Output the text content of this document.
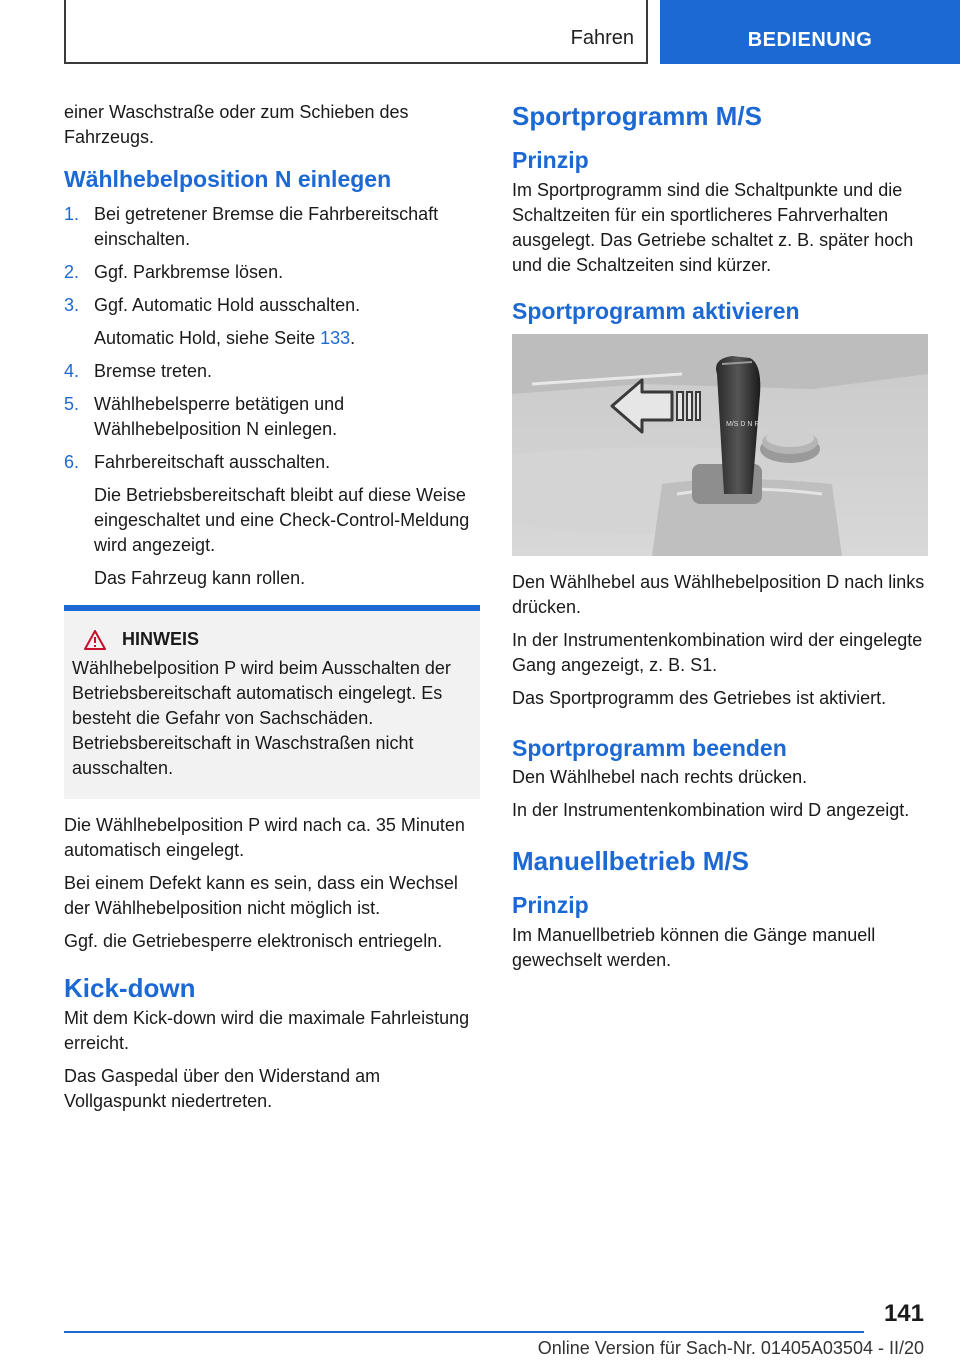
Fahren	BEDIENUNG

einer Waschstraße oder zum Schieben des Fahrzeugs.

Wählhebelposition N einlegen
1. Bei getretener Bremse die Fahrbereitschaft einschalten.
2. Ggf. Parkbremse lösen.
3. Ggf. Automatic Hold ausschalten.
Automatic Hold, siehe Seite 133.
4. Bremse treten.
5. Wählhebelsperre betätigen und Wählhebelposition N einlegen.
6. Fahrbereitschaft ausschalten.
Die Betriebsbereitschaft bleibt auf diese Weise eingeschaltet und eine Check-Control-Meldung wird angezeigt.
Das Fahrzeug kann rollen.
HINWEIS

Wählhebelposition P wird beim Ausschalten der Betriebsbereitschaft automatisch eingelegt. Es besteht die Gefahr von Sachschäden. Betriebsbereitschaft in Waschstraßen nicht ausschalten.

Die Wählhebelposition P wird nach ca. 35 Minuten automatisch eingelegt.

Bei einem Defekt kann es sein, dass ein Wechsel der Wählhebelposition nicht möglich ist.

Ggf. die Getriebesperre elektronisch entriegeln.

Kick-down

Mit dem Kick-down wird die maximale Fahrleistung erreicht.

Das Gaspedal über den Widerstand am Vollgaspunkt niedertreten.

Sportprogramm M/S
Prinzip

Im Sportprogramm sind die Schaltpunkte und die Schaltzeiten für ein sportlicheres Fahrverhalten ausgelegt. Das Getriebe schaltet z. B. später hoch und die Schaltzeiten sind kürzer.

Sportprogramm aktivieren
M/S D N R

Den Wählhebel aus Wählhebelposition D nach links drücken.

In der Instrumentenkombination wird der eingelegte Gang angezeigt, z. B. S1.

Das Sportprogramm des Getriebes ist aktiviert.

Sportprogramm beenden

Den Wählhebel nach rechts drücken.

In der Instrumentenkombination wird D angezeigt.

Manuellbetrieb M/S
Prinzip

Im Manuellbetrieb können die Gänge manuell gewechselt werden.

141
Online Version für Sach-Nr. 01405A03504 - II/20
